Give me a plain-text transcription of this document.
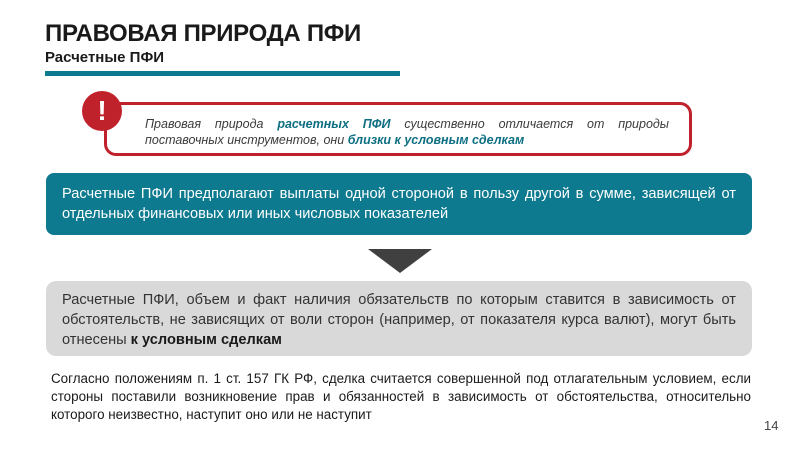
ПРАВОВАЯ ПРИРОДА ПФИ
Расчетные ПФИ

Правовая природа расчетных ПФИ существенно отличается от природы поставочных инструментов, они близки к условным сделкам

!

Расчетные ПФИ предполагают выплаты одной стороной в пользу другой в сумме, зависящей от отдельных финансовых или иных числовых показателей

Расчетные ПФИ, объем и факт наличия обязательств по которым ставится в зависимость от обстоятельств, не зависящих от воли сторон (например, от показателя курса валют), могут быть отнесены к условным сделкам

Согласно положениям п. 1 ст. 157 ГК РФ, сделка считается совершенной под отлагательным условием, если стороны поставили возникновение прав и обязанностей в зависимость от обстоятельства, относительно которого неизвестно, наступит оно или не наступит

14
